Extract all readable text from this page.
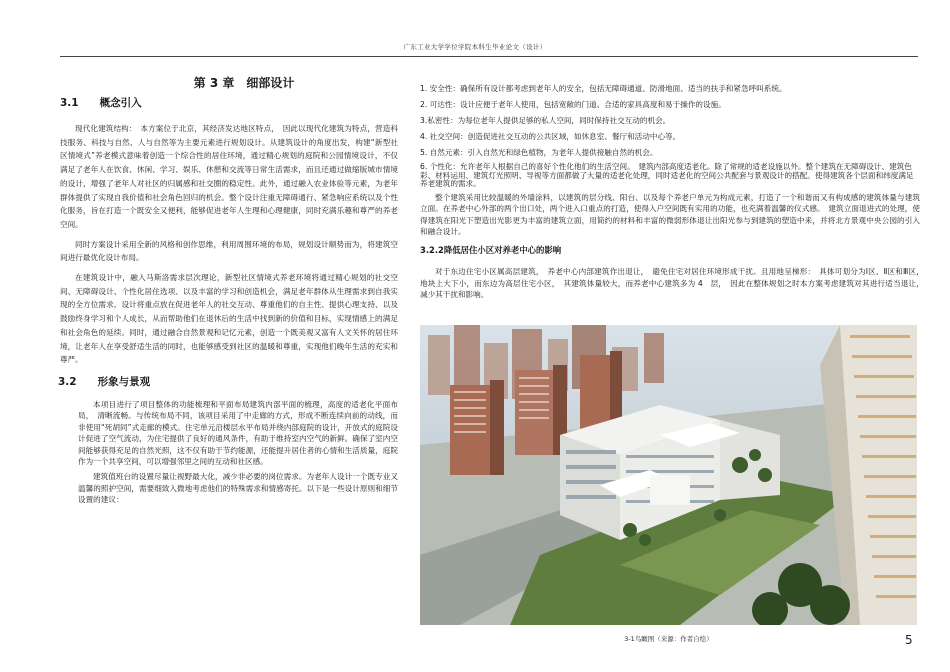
广东工业大学学位学院本科生毕业论文（设计）
第 3 章　细部设计
3.1　　概念引入
现代化建筑结构：　本方案位于北京，其经济发达地区特点，　因此以现代化建筑为特点，营造科技服务、科技与自然、人与自然等为主要元素进行规划设计。从建筑设计的角度出发，构建“新型社区情境式”养老模式意味着创造一个综合性的居住环境，通过精心规划的庭院和公园情境设计，不仅满足了老年人在饮食、休闲、学习、娱乐、休憩和交流等日常生活需求，而且还通过做缩版城市情境的设计，增强了老年人对社区的归属感和社交圈的稳定性。此外，通过融入农业体验等元素，为老年群体提供了实现自我价值和社会角色回归的机会。整个设计注重无障碍通行、紧急响应系统以及个性化服务，旨在打造一个既安全又便利，能够促进老年人生理和心理健康，同时充满乐趣和尊严的养老空间。
同时方案设计采用全新的风格和创作思维，利用周围环境的布局，规划设计顺势而为，将建筑空间进行最优化设计布局。
在建筑设计中，融入马斯洛需求层次理论，新型社区情境式养老环境将通过精心规划的社交空间、无障碍设计、个性化居住选项、以及丰富的学习和创造机会，满足老年群体从生理需求到自我实现的全方位需求。设计将重点放在促进老年人的社交互动、尊重他们的自主性、提供心理支持、以及鼓励终身学习和个人成长，从而帮助他们在退休后的生活中找到新的价值和目标，实现情感上的满足和社会角色的延续。同时，通过融合自然景观和记忆元素，创造一个既美观又富有人文关怀的居住环境，让老年人在享受舒适生活的同时，也能够感受到社区的温暖和尊重，实现他们晚年生活的充实和尊严。
3.2　　形象与景观
本项目进行了项目整体的功能梳理和平面布局建筑内部平面的梳理，高度的适老化平面布局，　清晰流畅。与传统布局不同，该项目采用了中走廊的方式，形成不断连续向前的动线，而非使用“死胡同”式走廊的模式。住宅单元沿楼层水平布局并绕内部庭院的设计，开放式的庭院设计促进了空气流动，为住宅提供了良好的通风条件，有助于维持室内空气的新鲜。确保了室内空间能够获得充足的自然光照，这不仅有助于节约能源，还能提升居住者的心情和生活质量，庭院作为一个共享空间，可以增强邻里之间的互动和社区感。
建筑值班台的设置尽量让视野最大化，减少非必要的岗位需求。为老年人设计一个既专业又温馨的照护空间，需要细致入微地考虑他们的特殊需求和情感寄托。以下是一些设计原则和细节设置的建议：
1. 安全性：确保所有设计都考虑到老年人的安全，包括无障碍通道、防滑地面、适当的扶手和紧急呼叫系统。
2. 可达性：设计应便于老年人使用，包括宽敞的门道、合适的家具高度和易于操作的设施。
3.私密性：为每位老年人提供足够的私人空间，同时保持社交互动的机会。
4. 社交空间：创造促进社交互动的公共区域，如休息室、餐厅和活动中心等。
5. 自然元素：引入自然光和绿色植物，为老年人提供接触自然的机会。
6. 个性化：允许老年人根据自己的喜好个性化他们的生活空间。　建筑内部高度适老化。除了常规的适老设施以外。整个建筑在无障碍设计、建筑色彩、材料运用、建筑灯光照明、导视等方面都做了大量的适老化处理，同时适老化的空间公共配套与景观设计的搭配。使得建筑各个层面和纬度满足养老建筑的需求。
整个建筑采用比较温暖的外墙涂料，以建筑的层分线、阳台、以及每个养老户单元为构成元素，打造了一个和谐而又有构成感的建筑体量与建筑立面。在养老中心外部的两个出口处，两个进入口重点的打造，使得入户空间既有实用的功能，也充满着温馨的仪式感。　建筑立面退进式的处理，使得建筑在阳光下塑造出光影更为丰富的建筑立面，用简约的材料和丰富的微弱形体退让出阳光参与到建筑的塑造中来，并将北方景观中央公园的引入和融合设计。
3.2.2降低居住小区对养老中心的影响
对于东边住宅小区属高层建筑，　养老中心内部建筑作出退让，　避免住宅对居住环境形成干扰。且用地呈梯形：　具体可划分为Ⅰ区、Ⅱ区和Ⅲ区，　地块上大下小，而东边为高层住宅小区，　其建筑体量较大，而养老中心建筑多为 4　层，　因此在整体规划之时本方案考虑建筑对其进行适当退让，　减少其干扰和影响。
3-1鸟瞰图（来源：作者自绘）	5
